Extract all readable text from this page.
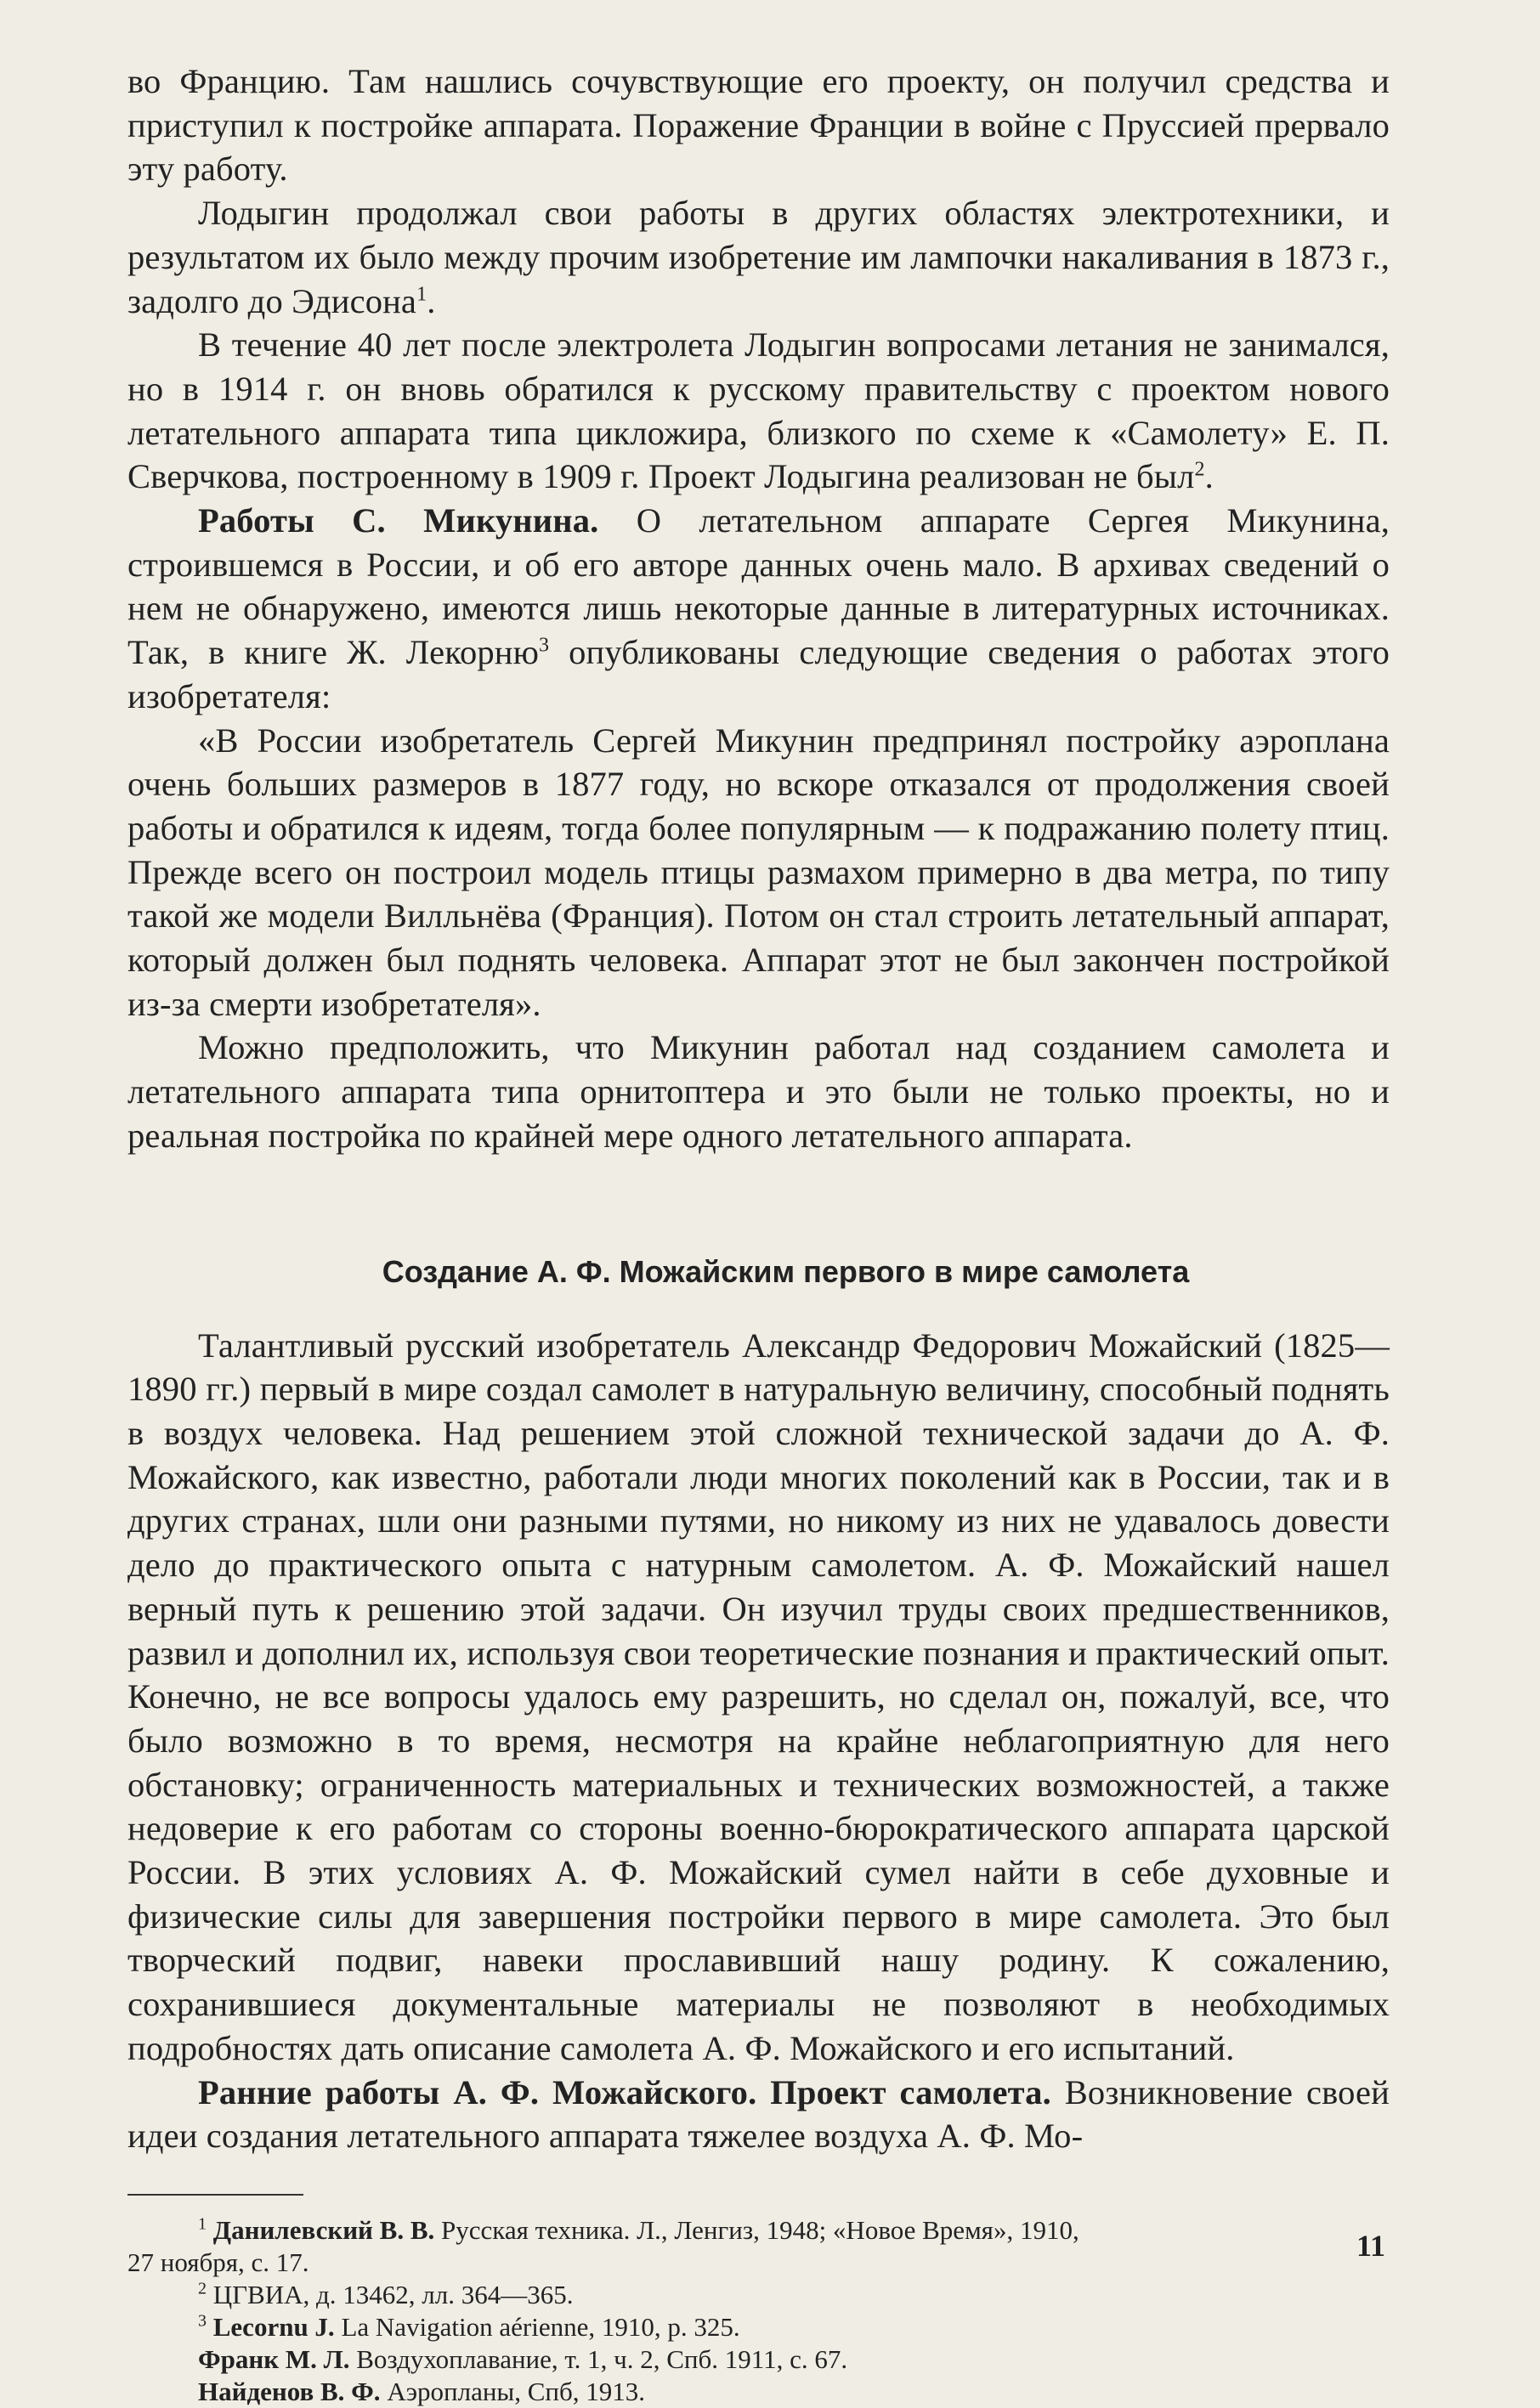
во Францию. Там нашлись сочувствующие его проекту, он получил средства и приступил к постройке аппарата. Поражение Франции в войне с Пруссией прервало эту работу.

Лодыгин продолжал свои работы в других областях электротехники, и результатом их было между прочим изобретение им лампочки накаливания в 1873 г., задолго до Эдисона$^1$.

В течение 40 лет после электролета Лодыгин вопросами летания не занимался, но в 1914 г. он вновь обратился к русскому правительству с проектом нового летательного аппарата типа цикложира, близкого по схеме к «Самолету» Е. П. Сверчкова, построенному в 1909 г. Проект Лодыгина реализован не был$^2$.

Работы С. Микунина. О летательном аппарате Сергея Микунина, строившемся в России, и об его авторе данных очень мало. В архивах сведений о нем не обнаружено, имеются лишь некоторые данные в литературных источниках. Так, в книге Ж. Лекорню$^3$ опубликованы следующие сведения о работах этого изобретателя:

«В России изобретатель Сергей Микунин предпринял постройку аэроплана очень больших размеров в 1877 году, но вскоре отказался от продолжения своей работы и обратился к идеям, тогда более популярным — к подражанию полету птиц. Прежде всего он построил модель птицы размахом примерно в два метра, по типу такой же модели Вилльнёва (Франция). Потом он стал строить летательный аппарат, который должен был поднять человека. Аппарат этот не был закончен постройкой из-за смерти изобретателя».

Можно предположить, что Микунин работал над созданием самолета и летательного аппарата типа орнитоптера и это были не только проекты, но и реальная постройка по крайней мере одного летательного аппарата.

Создание А. Ф. Можайским первого в мире самолета

Талантливый русский изобретатель Александр Федорович Можайский (1825—1890 гг.) первый в мире создал самолет в натуральную величину, способный поднять в воздух человека. Над решением этой сложной технической задачи до А. Ф. Можайского, как известно, работали люди многих поколений как в России, так и в других странах, шли они разными путями, но никому из них не удавалось довести дело до практического опыта с натурным самолетом. А. Ф. Можайский нашел верный путь к решению этой задачи. Он изучил труды своих предшественников, развил и дополнил их, используя свои теоретические познания и практический опыт. Конечно, не все вопросы удалось ему разрешить, но сделал он, пожалуй, все, что было возможно в то время, несмотря на крайне неблагоприятную для него обстановку; ограниченность материальных и технических возможностей, а также недоверие к его работам со стороны военно-бюрократического аппарата царской России. В этих условиях А. Ф. Можайский сумел найти в себе духовные и физические силы для завершения постройки первого в мире самолета. Это был творческий подвиг, навеки прославивший нашу родину. К сожалению, сохранившиеся документальные материалы не позволяют в необходимых подробностях дать описание самолета А. Ф. Можайского и его испытаний.

Ранние работы А. Ф. Можайского. Проект самолета. Возникновение своей идеи создания летательного аппарата тяжелее воздуха А. Ф. Мо-

$^1$ Данилевский В. В. Русская техника. Л., Ленгиз, 1948; «Новое Время», 1910,
27 ноября, с. 17.
$^2$ ЦГВИА, д. 13462, лл. 364—365.
$^3$ Lecornu J. La Navigation aérienne, 1910, p. 325.
Франк М. Л. Воздухоплавание, т. 1, ч. 2, Спб. 1911, с. 67.
Найденов В. Ф. Аэропланы, Спб, 1913.
11
